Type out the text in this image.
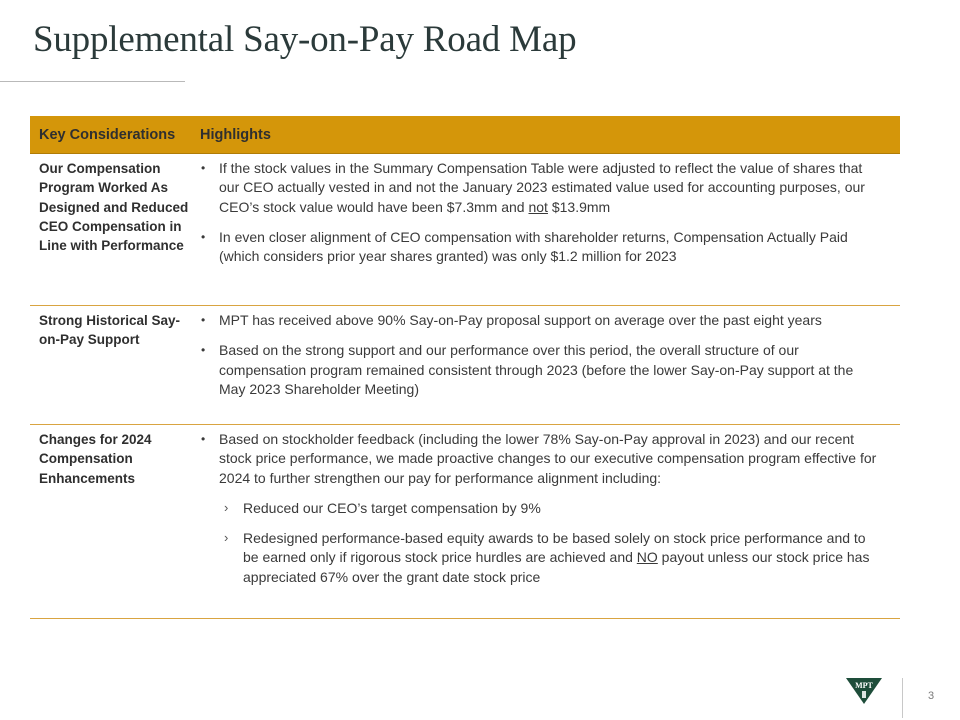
Supplemental Say-on-Pay Road Map
Key Considerations	Highlights
Our Compensation Program Worked As Designed and Reduced CEO Compensation in Line with Performance
• If the stock values in the Summary Compensation Table were adjusted to reflect the value of shares that our CEO actually vested in and not the January 2023 estimated value used for accounting purposes, our CEO’s stock value would have been $7.3mm and not $13.9mm
• In even closer alignment of CEO compensation with shareholder returns, Compensation Actually Paid (which considers prior year shares granted) was only $1.2 million for 2023
Strong Historical Say-on-Pay Support
• MPT has received above 90% Say-on-Pay proposal support on average over the past eight years
• Based on the strong support and our performance over this period, the overall structure of our compensation program remained consistent through 2023 (before the lower Say-on-Pay support at the May 2023 Shareholder Meeting)
Changes for 2024 Compensation Enhancements
• Based on stockholder feedback (including the lower 78% Say-on-Pay approval in 2023) and our recent stock price performance, we made proactive changes to our executive compensation program effective for 2024 to further strengthen our pay for performance alignment including:
› Reduced our CEO’s target compensation by 9%
› Redesigned performance-based equity awards to be based solely on stock price performance and to be earned only if rigorous stock price hurdles are achieved and NO payout unless our stock price has appreciated 67% over the grant date stock price
MPT
3
